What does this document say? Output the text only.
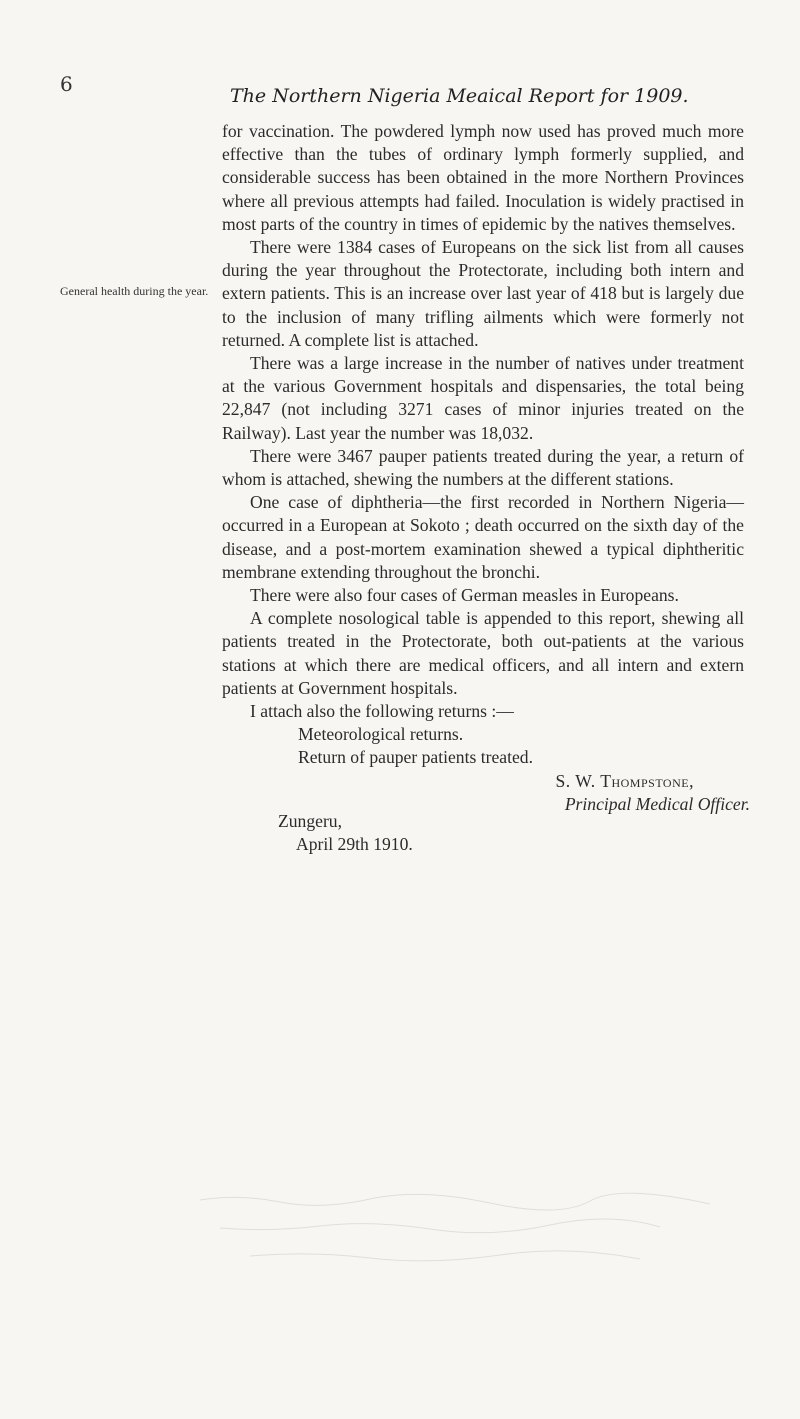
6	The Northern Nigeria Meaical Report for 1909.
General health during the year.

for vaccination. The powdered lymph now used has proved much more effective than the tubes of ordinary lymph formerly supplied, and considerable success has been obtained in the more Northern Provinces where all previous attempts had failed. Inoculation is widely practised in most parts of the country in times of epidemic by the natives themselves.

There were 1384 cases of Europeans on the sick list from all causes during the year throughout the Protectorate, including both intern and extern patients. This is an increase over last year of 418 but is largely due to the inclusion of many trifling ailments which were formerly not returned. A complete list is attached.

There was a large increase in the number of natives under treatment at the various Government hospitals and dispensaries, the total being 22,847 (not including 3271 cases of minor injuries treated on the Railway). Last year the number was 18,032.

There were 3467 pauper patients treated during the year, a return of whom is attached, shewing the numbers at the different stations.

One case of diphtheria—the first recorded in Northern Nigeria—occurred in a European at Sokoto ; death occurred on the sixth day of the disease, and a post-mortem examination shewed a typical diphtheritic membrane extending throughout the bronchi.

There were also four cases of German measles in Europeans.

A complete nosological table is appended to this report, shewing all patients treated in the Protectorate, both out-patients at the various stations at which there are medical officers, and all intern and extern patients at Government hospitals.

I attach also the following returns :—

Meteorological returns.
Return of pauper patients treated.
S. W. Thompstone,
Principal Medical Officer.
Zungeru,
April 29th 1910.
